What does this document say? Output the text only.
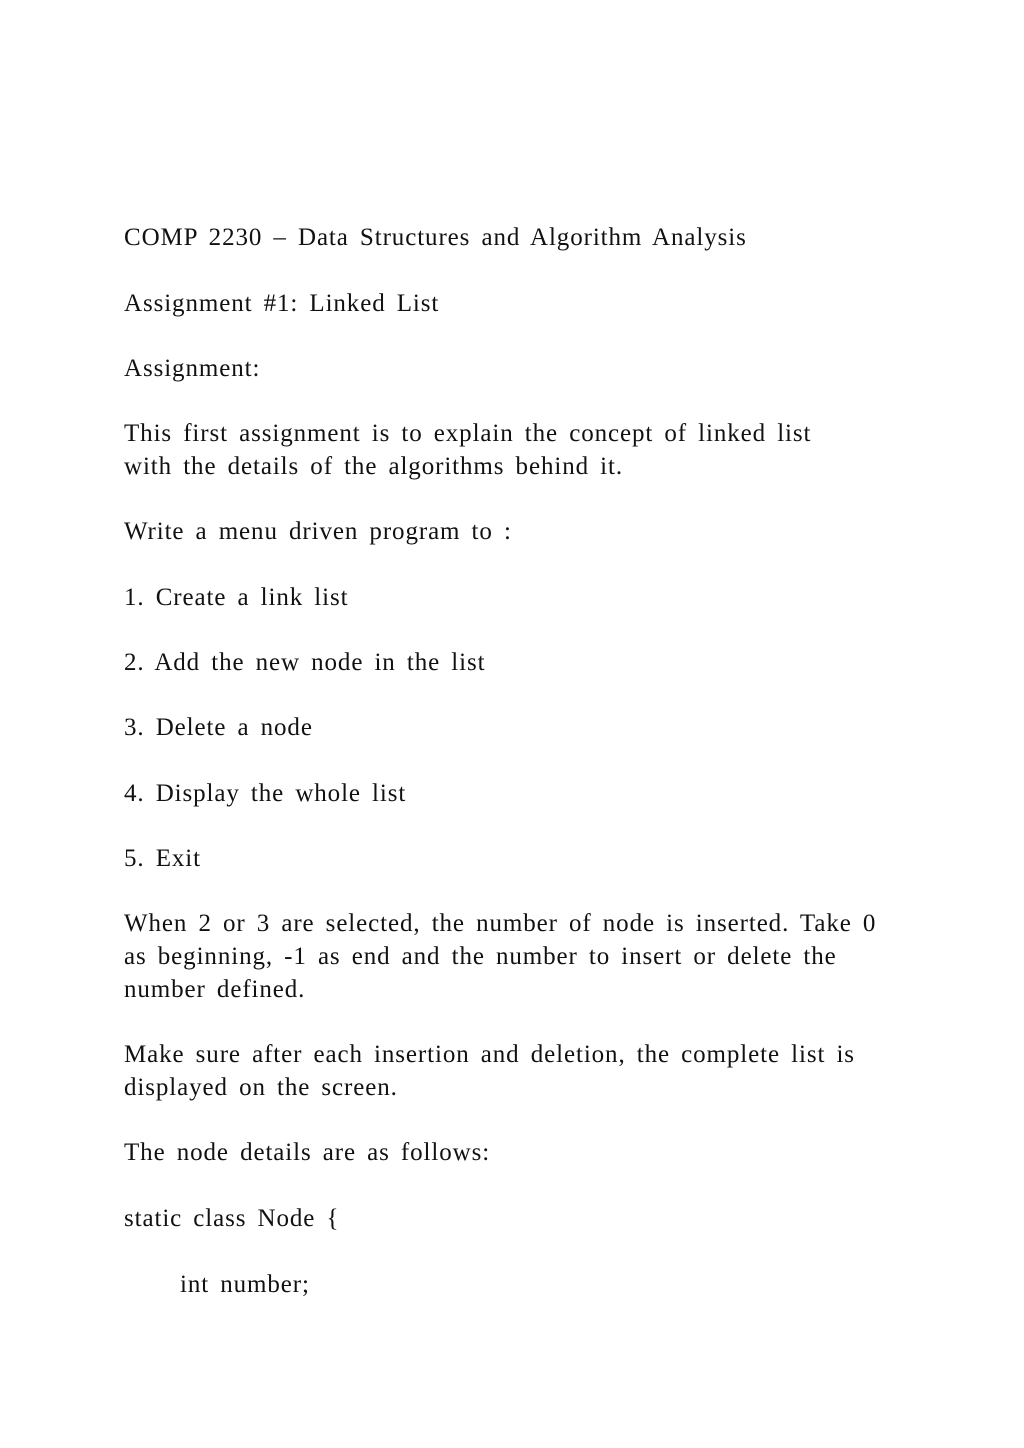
COMP 2230 – Data Structures and Algorithm Analysis
Assignment #1: Linked List
Assignment:
This first assignment is to explain the concept of linked list
with the details of the algorithms behind it.
Write a menu driven program to :
1. Create a link list
2. Add the new node in the list
3. Delete a node
4. Display the whole list
5. Exit
When 2 or 3 are selected, the number of node is inserted. Take 0
as beginning, -1 as end and the number to insert or delete the
number defined.
Make sure after each insertion and deletion, the complete list is
displayed on the screen.
The node details are as follows:
static class Node {
int number;
